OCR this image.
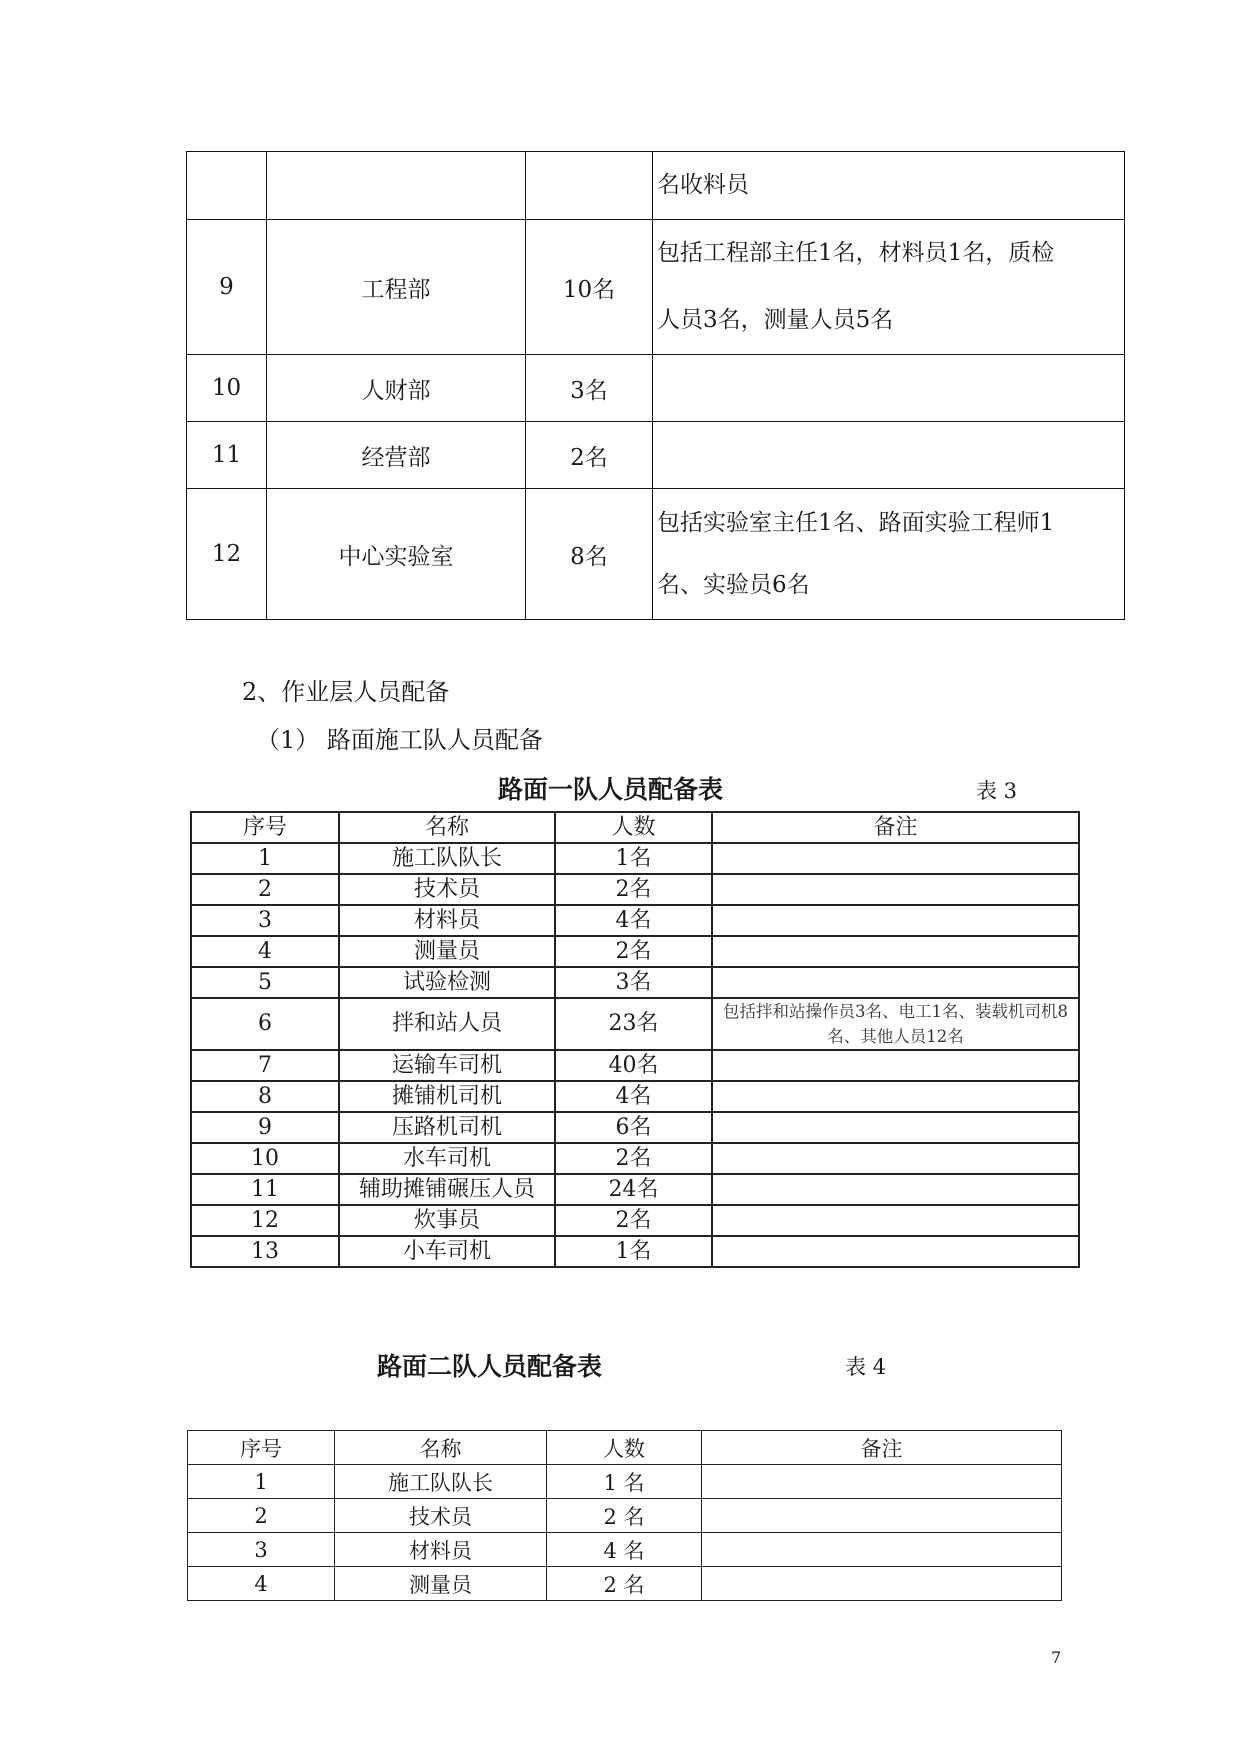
			名收料员
9	工程部	10名	包括工程部主任1名，材料员1名，质检
人员3名，测量人员5名
10	人财部	3名	
11	经营部	2名	
12	中心实验室	8名	包括实验室主任1名、路面实验工程师1
名、实验员6名
2、作业层人员配备
（1） 路面施工队人员配备
路面一队人员配备表	表 3
序号	名称	人数	备注
1	施工队队长	1名	
2	技术员	2名	
3	材料员	4名	
4	测量员	2名	
5	试验检测	3名	
6	拌和站人员	23名	包括拌和站操作员3名、电工1名、装载机司机8名、其他人员12名
7	运输车司机	40名	
8	摊铺机司机	4名	
9	压路机司机	6名	
10	水车司机	2名	
11	辅助摊铺碾压人员	24名	
12	炊事员	2名	
13	小车司机	1名	
路面二队人员配备表	表 4
序号	名称	人数	备注
1	施工队队长	1 名	
2	技术员	2 名	
3	材料员	4 名	
4	测量员	2 名	
7
